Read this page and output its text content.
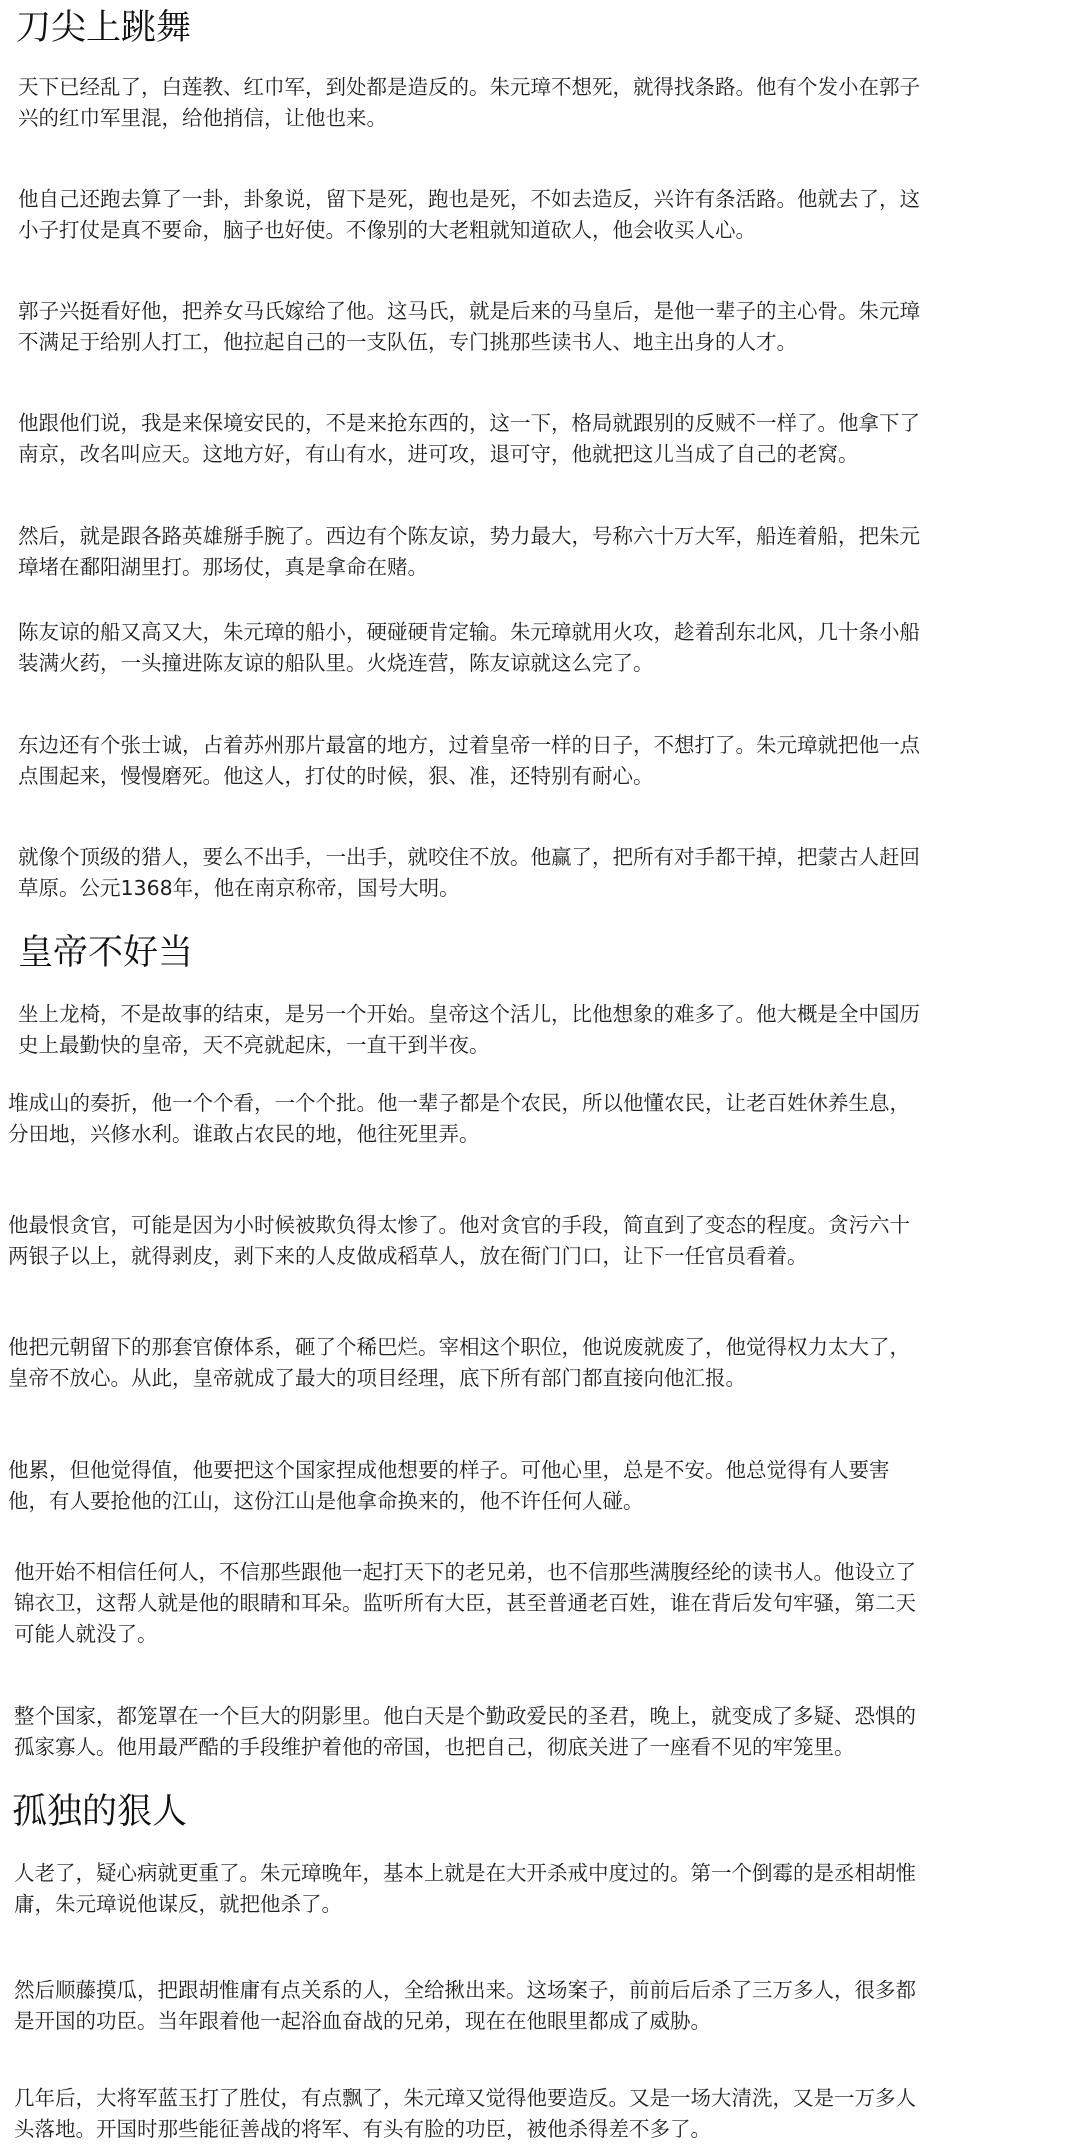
刀尖上跳舞

天下已经乱了，白莲教、红巾军，到处都是造反的。朱元璋不想死，就得找条路。他有个发小在郭子
兴的红巾军里混，给他捎信，让他也来。

他自己还跑去算了一卦，卦象说，留下是死，跑也是死，不如去造反，兴许有条活路。他就去了，这
小子打仗是真不要命，脑子也好使。不像别的大老粗就知道砍人，他会收买人心。

郭子兴挺看好他，把养女马氏嫁给了他。这马氏，就是后来的马皇后，是他一辈子的主心骨。朱元璋
不满足于给别人打工，他拉起自己的一支队伍，专门挑那些读书人、地主出身的人才。

他跟他们说，我是来保境安民的，不是来抢东西的，这一下，格局就跟别的反贼不一样了。他拿下了
南京，改名叫应天。这地方好，有山有水，进可攻，退可守，他就把这儿当成了自己的老窝。

然后，就是跟各路英雄掰手腕了。西边有个陈友谅，势力最大，号称六十万大军，船连着船，把朱元
璋堵在鄱阳湖里打。那场仗，真是拿命在赌。

陈友谅的船又高又大，朱元璋的船小，硬碰硬肯定输。朱元璋就用火攻，趁着刮东北风，几十条小船
装满火药，一头撞进陈友谅的船队里。火烧连营，陈友谅就这么完了。

东边还有个张士诚，占着苏州那片最富的地方，过着皇帝一样的日子，不想打了。朱元璋就把他一点
点围起来，慢慢磨死。他这人，打仗的时候，狠、准，还特别有耐心。

就像个顶级的猎人，要么不出手，一出手，就咬住不放。他赢了，把所有对手都干掉，把蒙古人赶回
草原。公元1368年，他在南京称帝，国号大明。

皇帝不好当

坐上龙椅，不是故事的结束，是另一个开始。皇帝这个活儿，比他想象的难多了。他大概是全中国历
史上最勤快的皇帝，天不亮就起床，一直干到半夜。

堆成山的奏折，他一个个看，一个个批。他一辈子都是个农民，所以他懂农民，让老百姓休养生息，
分田地，兴修水利。谁敢占农民的地，他往死里弄。

他最恨贪官，可能是因为小时候被欺负得太惨了。他对贪官的手段，简直到了变态的程度。贪污六十
两银子以上，就得剥皮，剥下来的人皮做成稻草人，放在衙门门口，让下一任官员看着。

他把元朝留下的那套官僚体系，砸了个稀巴烂。宰相这个职位，他说废就废了，他觉得权力太大了，
皇帝不放心。从此，皇帝就成了最大的项目经理，底下所有部门都直接向他汇报。

他累，但他觉得值，他要把这个国家捏成他想要的样子。可他心里，总是不安。他总觉得有人要害
他，有人要抢他的江山，这份江山是他拿命换来的，他不许任何人碰。

他开始不相信任何人，不信那些跟他一起打天下的老兄弟，也不信那些满腹经纶的读书人。他设立了
锦衣卫，这帮人就是他的眼睛和耳朵。监听所有大臣，甚至普通老百姓，谁在背后发句牢骚，第二天
可能人就没了。

整个国家，都笼罩在一个巨大的阴影里。他白天是个勤政爱民的圣君，晚上，就变成了多疑、恐惧的
孤家寡人。他用最严酷的手段维护着他的帝国，也把自己，彻底关进了一座看不见的牢笼里。

孤独的狠人

人老了，疑心病就更重了。朱元璋晚年，基本上就是在大开杀戒中度过的。第一个倒霉的是丞相胡惟
庸，朱元璋说他谋反，就把他杀了。

然后顺藤摸瓜，把跟胡惟庸有点关系的人，全给揪出来。这场案子，前前后后杀了三万多人，很多都
是开国的功臣。当年跟着他一起浴血奋战的兄弟，现在在他眼里都成了威胁。

几年后，大将军蓝玉打了胜仗，有点飘了，朱元璋又觉得他要造反。又是一场大清洗，又是一万多人
头落地。开国时那些能征善战的将军、有头有脸的功臣，被他杀得差不多了。
